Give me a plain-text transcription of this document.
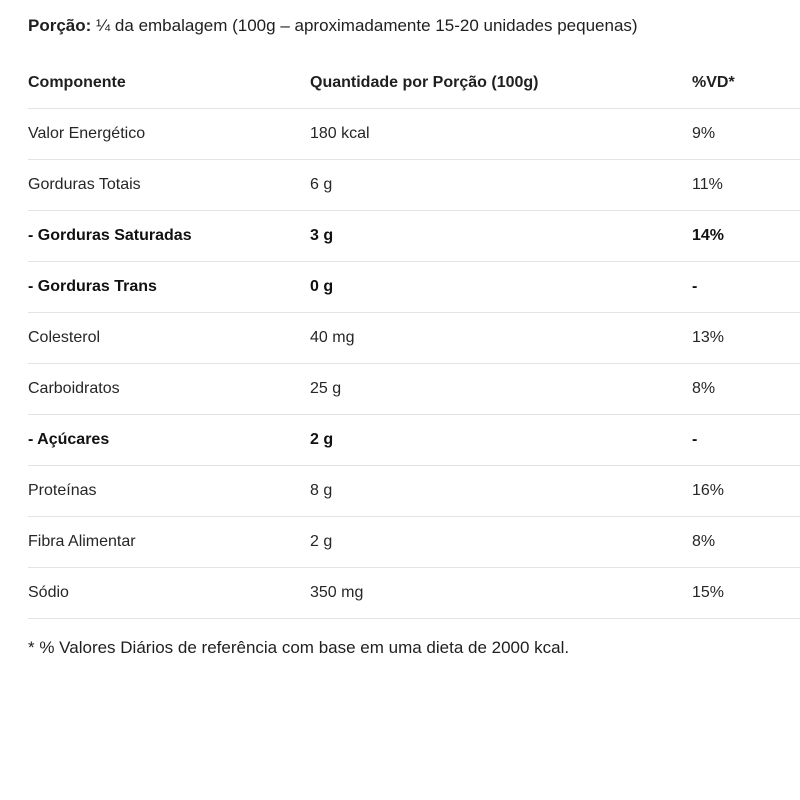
Porção: ¼ da embalagem (100g – aproximadamente 15-20 unidades pequenas)
Componente	Quantidade por Porção (100g)	%VD*
Valor Energético	180 kcal	9%
Gorduras Totais	6 g	11%
- Gorduras Saturadas	3 g	14%
- Gorduras Trans	0 g	-
Colesterol	40 mg	13%
Carboidratos	25 g	8%
- Açúcares	2 g	-
Proteínas	8 g	16%
Fibra Alimentar	2 g	8%
Sódio	350 mg	15%
* % Valores Diários de referência com base em uma dieta de 2000 kcal.
